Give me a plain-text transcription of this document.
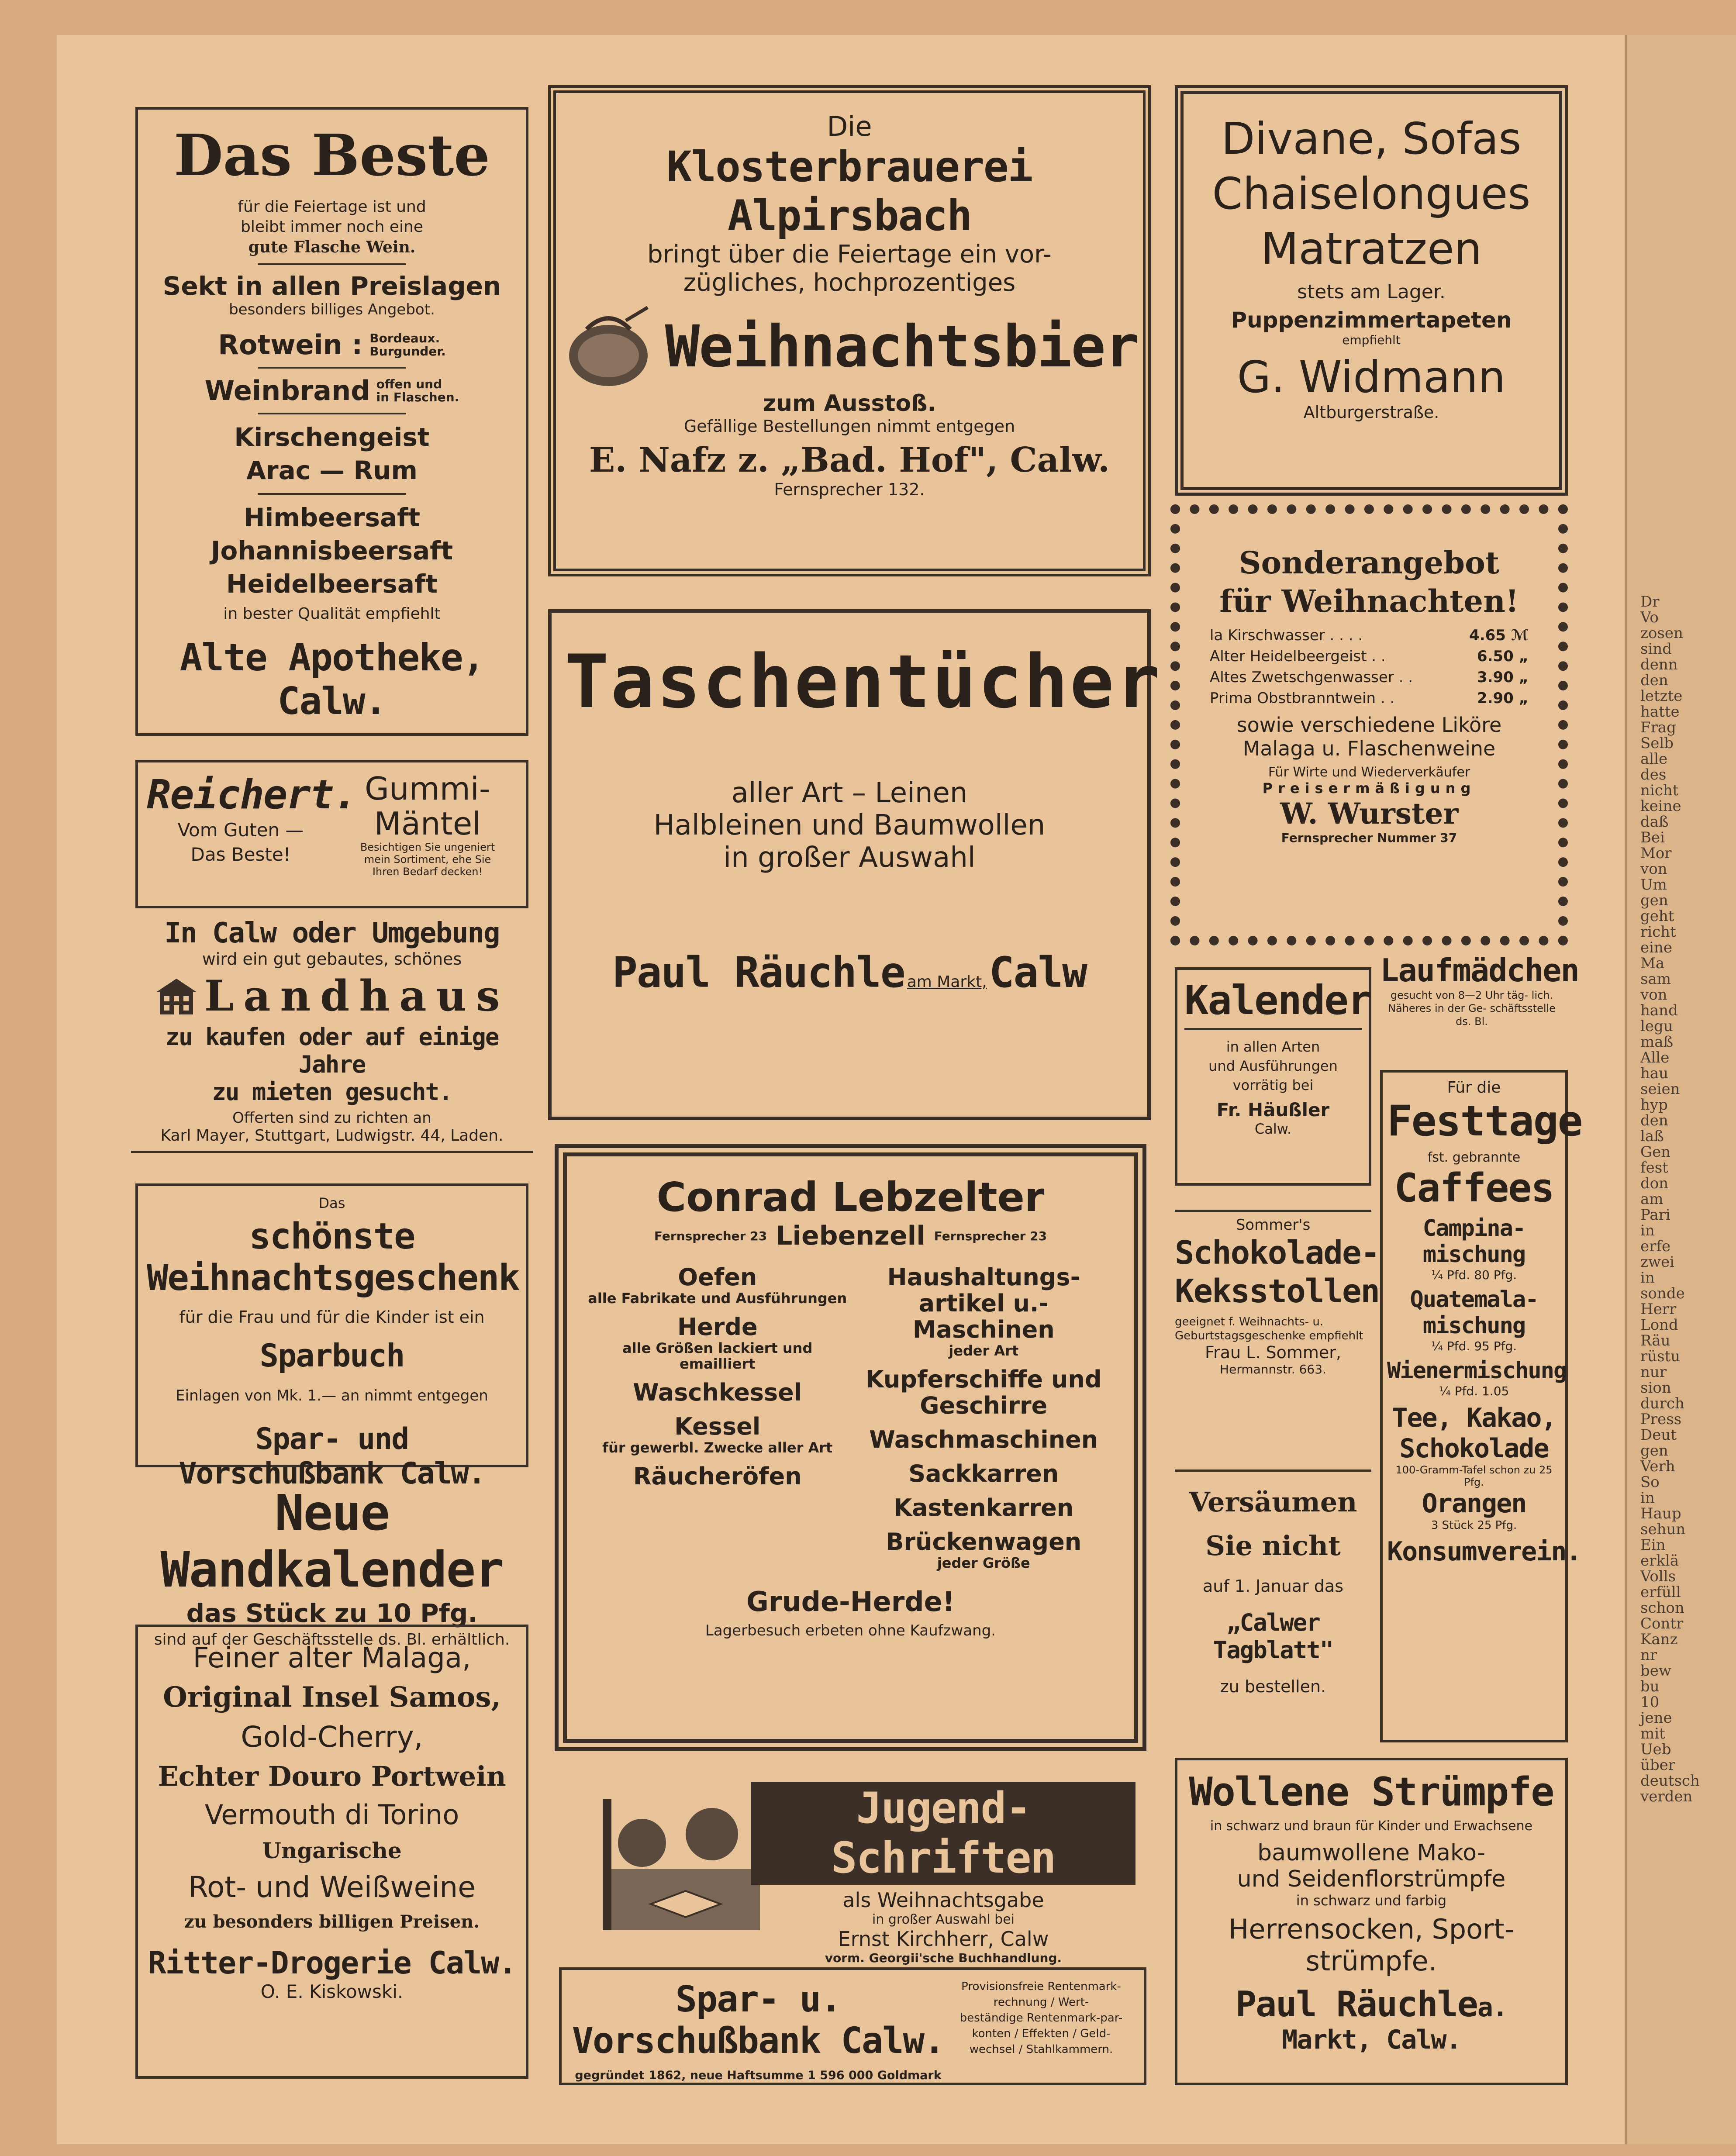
Dr
Vo
zosen
sind
denn
den
letzte
hatte
Frag
Selb
alle
des
nicht
keine
daß
Bei
Mor
von
Um
gen
geht
richt
eine
Ma
sam
von
hand
legu
maß
Alle
hau
seien
hyp
den
laß
Gen
fest
don
am
Pari
in
erfe
zwei
in
sonde
Herr
Lond
Räu
rüstu
nur
sion
durch
Press
Deut
gen
Verh
So
in
Haup
sehun
Ein
erklä
Volls
erfüll
schon
Contr
Kanz
nr
bew
bu
10
jene
mit
Ueb
über
deutsch
verden
Das Beste
für die Feiertage ist und
bleibt immer noch eine
gute Flasche Wein.
Sekt in allen Preislagen
besonders billiges Angebot.
Rotwein : Bordeaux.
Burgunder.
Weinbrand offen und
in Flaschen.
Kirschengeist
Arac — Rum
Himbeersaft
Johannisbeersaft
Heidelbeersaft
in bester Qualität empfiehlt
Alte Apotheke, Calw.
Reichert.
Vom Guten —
Das Beste!
Gummi-
Mäntel
Besichtigen Sie ungeniert
mein Sortiment, ehe Sie
Ihren Bedarf decken!
In Calw oder Umgebung
wird ein gut gebautes, schönes
Landhaus
zu kaufen oder auf einige Jahre
zu mieten gesucht.
Offerten sind zu richten an
Karl Mayer, Stuttgart, Ludwigstr. 44, Laden.
Das
schönste Weihnachtsgeschenk
für die Frau und für die Kinder ist ein
Sparbuch
Einlagen von Mk. 1.— an nimmt entgegen
Spar- und Vorschußbank Calw.
Neue Wandkalender
das Stück zu 10 Pfg.
sind auf der Geschäftsstelle ds. Bl. erhältlich.
Feiner alter Malaga,
Original Insel Samos,
Gold-Cherry,
Echter Douro Portwein
Vermouth di Torino
Ungarische
Rot- und Weißweine
zu besonders billigen Preisen.
Ritter-Drogerie Calw.
O. E. Kiskowski.
Die
Klosterbrauerei Alpirsbach
bringt über die Feiertage ein vor-
zügliches, hochprozentiges
Weihnachtsbier
zum Ausstoß.
Gefällige Bestellungen nimmt entgegen
E. Nafz z. „Bad. Hof", Calw.
Fernsprecher 132.
Taschentücher
aller Art – Leinen
Halbleinen und Baumwollen
in großer Auswahl
Paul Räuchle am Markt, Calw
Conrad Lebzelter
Fernsprecher 23 Liebenzell Fernsprecher 23
Oefen
alle Fabrikate und Ausführungen
Herde
alle Größen lackiert und emailliert
Waschkessel
Kessel
für gewerbl. Zwecke aller Art
Räucheröfen
Haushaltungs- artikel u.-Maschinen
jeder Art
Kupferschiffe und Geschirre
Waschmaschinen
Sackkarren
Kastenkarren
Brückenwagen
jeder Größe
Grude-Herde!
Lagerbesuch erbeten ohne Kaufzwang.
Jugend-Schriften
als Weihnachtsgabe
in großer Auswahl bei
Ernst Kirchherr, Calw
vorm. Georgii'sche Buchhandlung.
Spar- u. Vorschußbank Calw.
gegründet 1862, neue Haftsumme 1 596 000 Goldmark
Provisionsfreie Rentenmark-
rechnung / Wert-
beständige Rentenmark-par-
konten / Effekten / Geld-
wechsel / Stahlkammern.
Divane, Sofas
Chaiselongues
Matratzen
stets am Lager.
Puppenzimmertapeten
empfiehlt
G. Widmann
Altburgerstraße.
Sonderangebot
für Weihnachten!
la Kirschwasser . . . .	4.65 ℳ
Alter Heidelbeergeist . .	6.50 „
Altes Zwetschgenwasser . .	3.90 „
Prima Obstbranntwein . .	2.90 „
sowie verschiedene Liköre
Malaga u. Flaschenweine
Für Wirte und Wiederverkäufer
Preisermäßigung
W. Wurster
Fernsprecher Nummer 37
Kalender
in allen Arten
und Ausführungen
vorrätig bei
Fr. Häußler
Calw.
Laufmädchen
gesucht von 8—2 Uhr täg- lich. Näheres in der Ge- schäftsstelle ds. Bl.
Sommer's
Schokolade-
Keksstollen
geeignet f. Weihnachts- u. Geburtstagsgeschenke empfiehlt
Frau L. Sommer,
Hermannstr. 663.
Versäumen
Sie nicht
auf 1. Januar das
„Calwer Tagblatt"
zu bestellen.
Für die
Festtage
fst. gebrannte
Caffees
Campina- mischung
¼ Pfd. 80 Pfg.
Quatemala- mischung
¼ Pfd. 95 Pfg.
Wienermischung
¼ Pfd. 1.05
Tee, Kakao,
Schokolade
100-Gramm-Tafel schon zu 25 Pfg.
Orangen
3 Stück 25 Pfg.
Konsumverein.
Wollene Strümpfe
in schwarz und braun für Kinder und Erwachsene
baumwollene Mako-
und Seidenflorstrümpfe
in schwarz und farbig
Herrensocken, Sport-
strümpfe.
Paul Räuchlea. Markt, Calw.
